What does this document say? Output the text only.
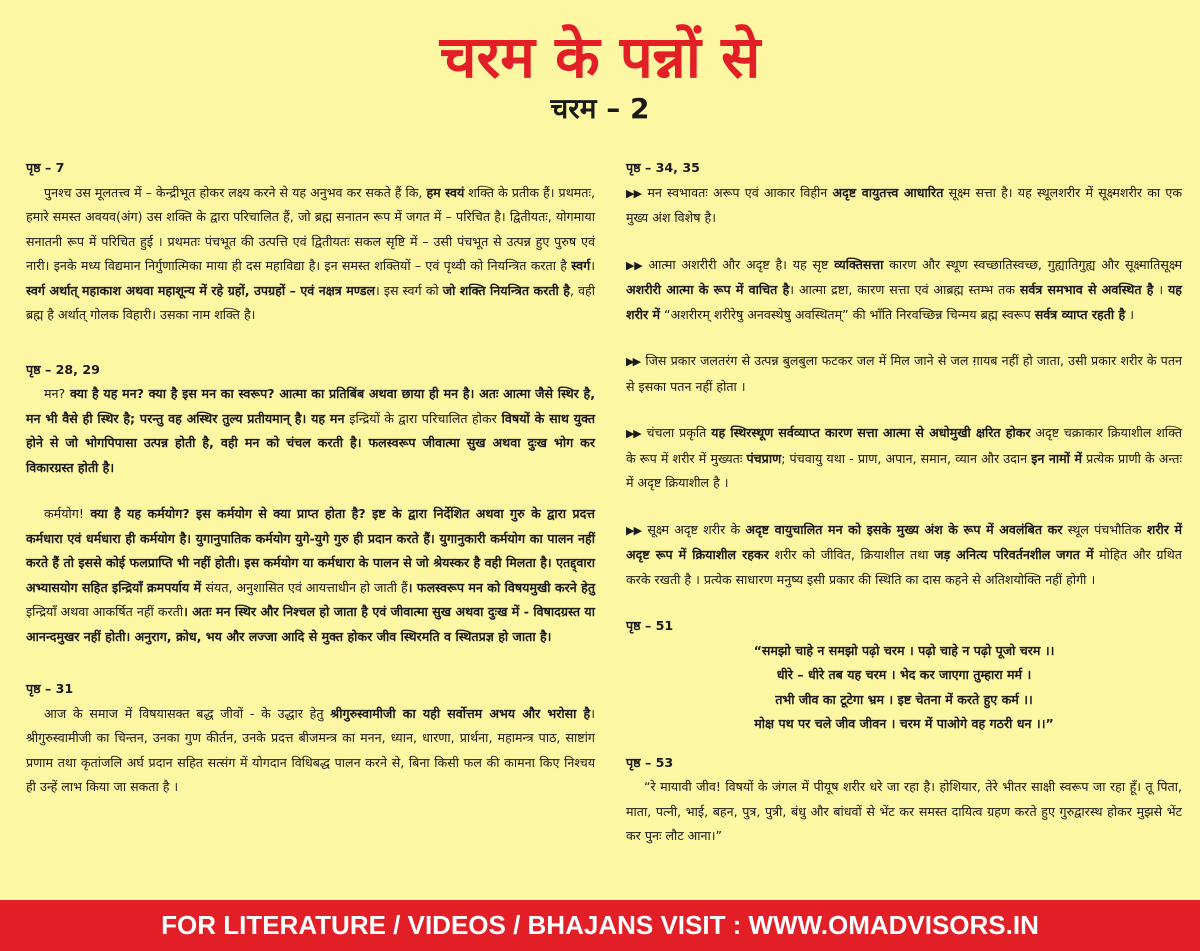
चरम के पन्नों से
चरम – 2
पृष्ठ – 7

पुनश्च उस मूलतत्त्व में – केन्द्रीभूत होकर लक्ष्य करने से यह अनुभव कर सकते हैं कि, हम स्वयं शक्ति के प्रतीक हैं। प्रथमतः, हमारे समस्त अवयव(अंग) उस शक्ति के द्वारा परिचालित हैं, जो ब्रह्म सनातन रूप में जगत में – परिचित है। द्वितीयतः, योगमाया सनातनी रूप में परिचित हुई । प्रथमतः पंचभूत की उत्पत्ति एवं द्वितीयतः सकल सृष्टि में – उसी पंचभूत से उत्पन्न हुए पुरुष एवं नारी। इनके मध्य विद्यमान निर्गुणात्मिका माया ही दस महाविद्या है। इन समस्त शक्तियों – एवं पृथ्वी को नियन्त्रित करता है स्वर्ग। स्वर्ग अर्थात् महाकाश अथवा महाशून्य में रहे ग्रहों, उपग्रहों – एवं नक्षत्र मण्डल। इस स्वर्ग को जो शक्ति नियन्त्रित करती है, वही ब्रह्म है अर्थात् गोलक विहारी। उसका नाम शक्ति है।

पृष्ठ – 28, 29

मन? क्या है यह मन? क्या है इस मन का स्वरूप? आत्मा का प्रतिबिंब अथवा छाया ही मन है। अतः आत्मा जैसे स्थिर है, मन भी वैसे ही स्थिर है; परन्तु वह अस्थिर तुल्य प्रतीयमान् है। यह मन इन्द्रियों के द्वारा परिचालित होकर विषयों के साथ युक्त होने से जो भोगपिपासा उत्पन्न होती है, वही मन को चंचल करती है। फलस्वरूप जीवात्मा सुख अथवा दुःख भोग कर विकारग्रस्त होती है।

कर्मयोग! क्या है यह कर्मयोग? इस कर्मयोग से क्या प्राप्त होता है? इष्ट के द्वारा निर्देशित अथवा गुरु के द्वारा प्रदत्त कर्मधारा एवं धर्मधारा ही कर्मयोग है। युगानुपातिक कर्मयोग युगे-युगे गुरु ही प्रदान करते हैं। युगानुकारी कर्मयोग का पालन नहीं करते हैं तो इससे कोई फलप्राप्ति भी नहीं होती। इस कर्मयोग या कर्मधारा के पालन से जो श्रेयस्कर है वही मिलता है। एतद्द्वारा अभ्यासयोग सहित इन्द्रियाँ क्रमपर्याय में संयत, अनुशासित एवं आयत्ताधीन हो जाती हैं। फलस्वरूप मन को विषयमुखी करने हेतु इन्द्रियाँ अथवा आकर्षित नहीं करती। अतः मन स्थिर और निश्चल हो जाता है एवं जीवात्मा सुख अथवा दुःख में - विषादग्रस्त या आनन्दमुखर नहीं होती। अनुराग, क्रोध, भय और लज्जा आदि से मुक्त होकर जीव स्थिरमति व स्थितप्रज्ञ हो जाता है।

पृष्ठ – 31

आज के समाज में विषयासक्त बद्ध जीवों - के उद्धार हेतु श्रीगुरुस्वामीजी का यही सर्वोत्तम अभय और भरोसा है। श्रीगुरुस्वामीजी का चिन्तन, उनका गुण कीर्तन, उनके प्रदत्त बीजमन्त्र का मनन, ध्यान, धारणा, प्रार्थना, महामन्त्र पाठ, साष्टांग प्रणाम तथा कृतांजलि अर्घ प्रदान सहित सत्संग में योगदान विधिबद्ध पालन करने से, बिना किसी फल की कामना किए निश्चय ही उन्हें लाभ किया जा सकता है ।

पृष्ठ – 34, 35

▶▶ मन स्वभावतः अरूप एवं आकार विहीन अदृष्ट वायुतत्त्व आधारित सूक्ष्म सत्ता है। यह स्थूलशरीर में सूक्ष्मशरीर का एक मुख्य अंश विशेष है।

▶▶ आत्मा अशरीरी और अदृष्ट है। यह सृष्ट व्यक्तिसत्ता कारण और स्थूण स्वच्छातिस्वच्छ, गुह्यातिगुह्य और सूक्ष्मातिसूक्ष्म अशरीरी आत्मा के रूप में वाचित है। आत्मा द्रष्टा, कारण सत्ता एवं आब्रह्म स्तम्भ तक सर्वत्र समभाव से अवस्थित है । यह शरीर में “अशरीरम् शरीरेषु अनवस्थेषु अवस्थितम्” की भाँति निरवच्छिन्न चिन्मय ब्रह्म स्वरूप सर्वत्र व्याप्त रहती है ।

▶▶ जिस प्रकार जलतरंग से उत्पन्न बुलबुला फटकर जल में मिल जाने से जल ग़ायब नहीं हो जाता, उसी प्रकार शरीर के पतन से इसका पतन नहीं होता ।

▶▶ चंचला प्रकृति यह स्थिरस्थूण सर्वव्याप्त कारण सत्ता आत्मा से अधोमुखी क्षरित होकर अदृष्ट चक्राकार क्रियाशील शक्ति के रूप में शरीर में मुख्यतः पंचप्राण; पंचवायु यथा - प्राण, अपान, समान, व्यान और उदान इन नामों में प्रत्येक प्राणी के अन्तः में अदृष्ट क्रियाशील है ।

▶▶ सूक्ष्म अदृष्ट शरीर के अदृष्ट वायुचालित मन को इसके मुख्य अंश के रूप में अवलंबित कर स्थूल पंचभौतिक शरीर में अदृष्ट रूप में क्रियाशील रहकर शरीर को जीवित, क्रियाशील तथा जड़ अनित्य परिवर्तनशील जगत में मोहित और ग्रथित करके रखती है । प्रत्येक साधारण मनुष्य इसी प्रकार की स्थिति का दास कहने से अतिशयोक्ति नहीं होगी ।

पृष्ठ – 51
“समझो चाहे न समझो पढ़ो चरम । पढ़ो चाहे न पढ़ो पूजो चरम ।।
धीरे – धीरे तब यह चरम । भेद कर जाएगा तुम्हारा मर्म ।
तभी जीव का टूटेगा भ्रम । इष्ट चेतना में करते हुए कर्म ।।
मोक्ष पथ पर चले जीव जीवन । चरम में पाओगे वह गठरी धन ।।”
पृष्ठ – 53

“रे मायावी जीव! विषयों के जंगल में पीयूष शरीर धरे जा रहा है। होशियार, तेरे भीतर साक्षी स्वरूप जा रहा हूँ। तू पिता, माता, पत्नी, भाई, बहन, पुत्र, पुत्री, बंधु और बांधवों से भेंट कर समस्त दायित्व ग्रहण करते हुए गुरुद्वारस्थ होकर मुझसे भेंट कर पुनः लौट आना।”

FOR LITERATURE / VIDEOS / BHAJANS VISIT : WWW.OMADVISORS.IN
